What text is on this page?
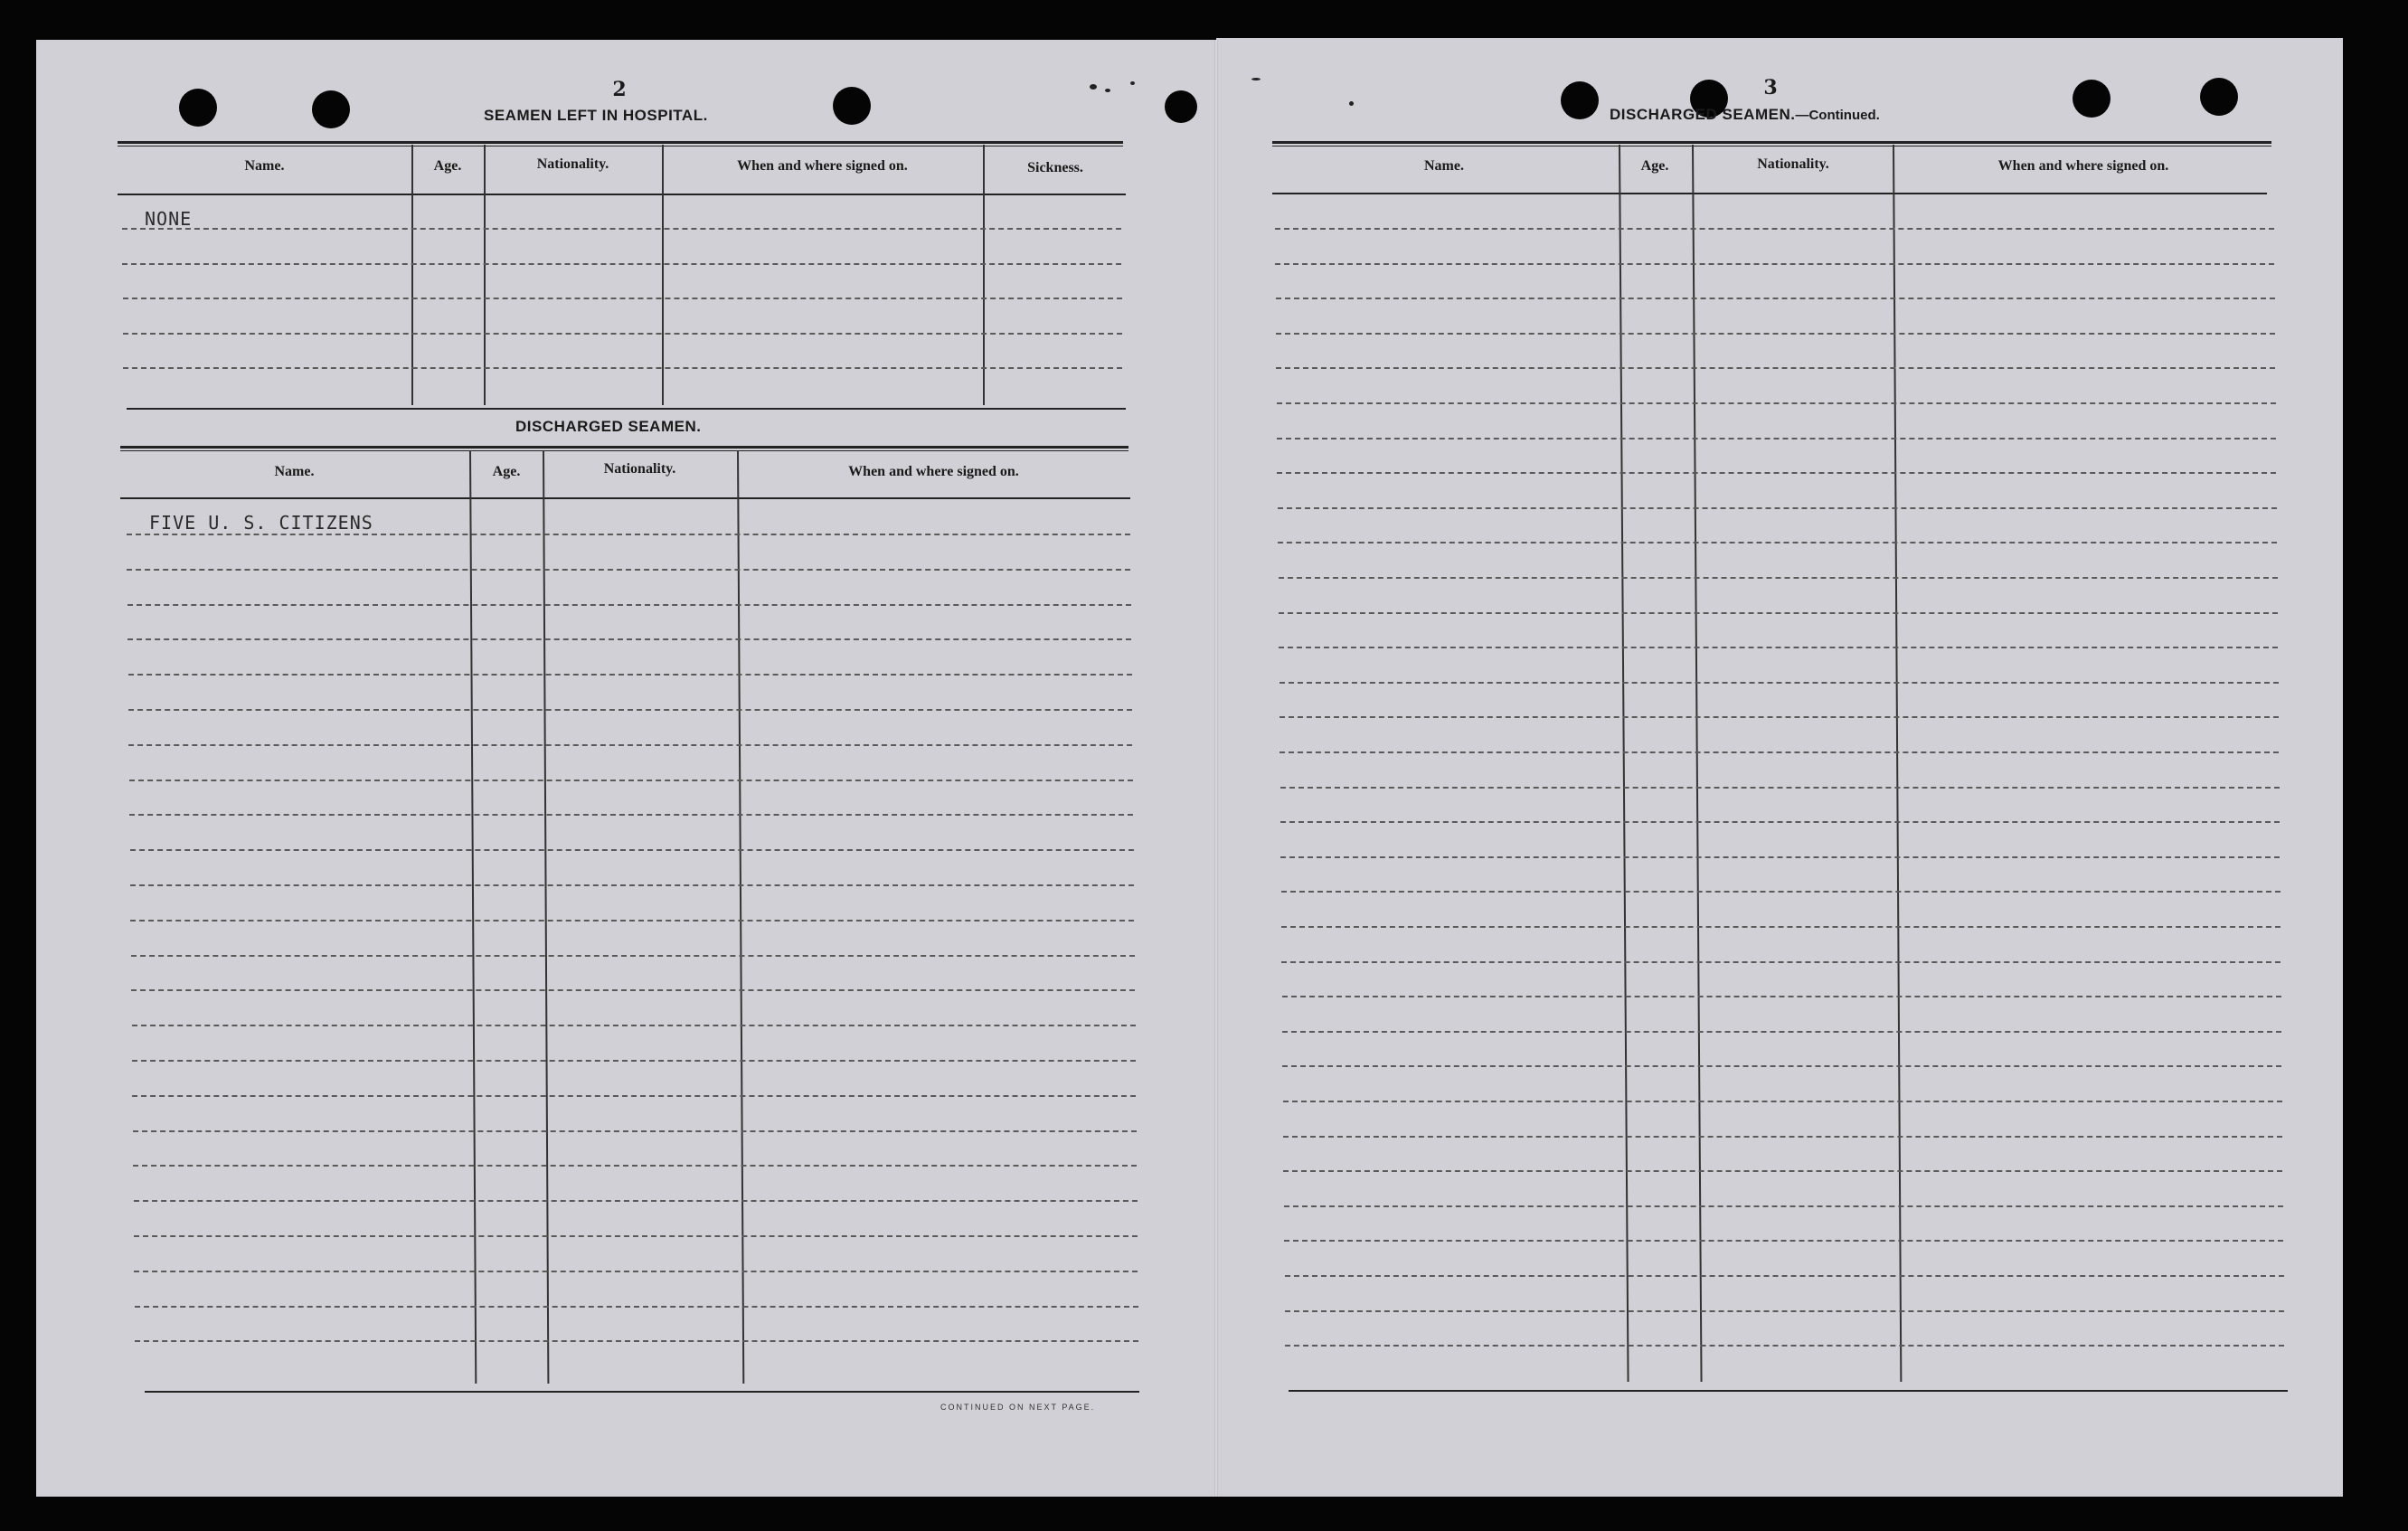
2
SEAMEN LEFT IN HOSPITAL.
Name.	Age.	Nationality.	When and where signed on.	Sickness.
NONE
DISCHARGED SEAMEN.
Name.	Age.	Nationality.	When and where signed on.
FIVE U. S. CITIZENS
CONTINUED ON NEXT PAGE.
3
DISCHARGED SEAMEN.—Continued.
Name.	Age.	Nationality.	When and where signed on.
